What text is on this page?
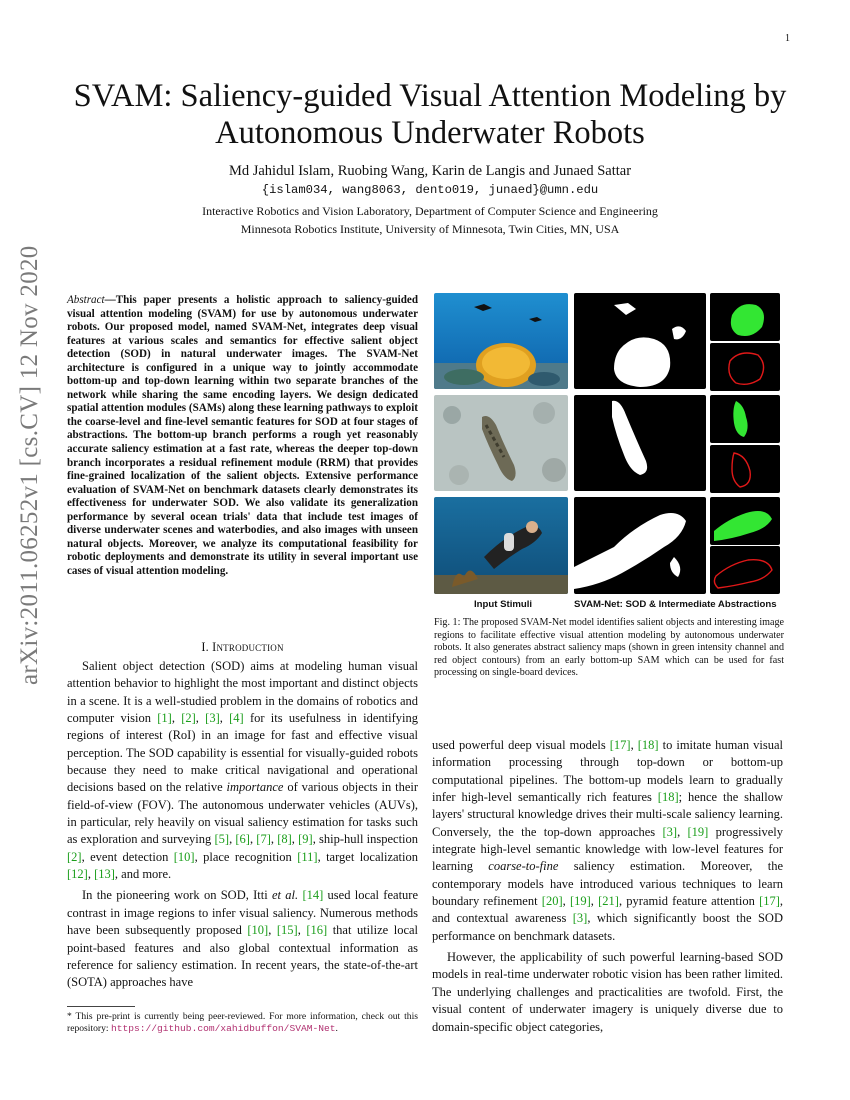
1
SVAM: Saliency-guided Visual Attention Modeling by Autonomous Underwater Robots
Md Jahidul Islam, Ruobing Wang, Karin de Langis and Junaed Sattar
{islam034, wang8063, dento019, junaed}@umn.edu
Interactive Robotics and Vision Laboratory, Department of Computer Science and Engineering
Minnesota Robotics Institute, University of Minnesota, Twin Cities, MN, USA
arXiv:2011.06252v1 [cs.CV] 12 Nov 2020 Abstract—This paper presents a holistic approach to saliency-guided visual attention modeling (SVAM) for use by autonomous underwater robots. Our proposed model, named SVAM-Net, integrates deep visual features at various scales and semantics for effective salient object detection (SOD) in natural underwater images. The SVAM-Net architecture is configured in a unique way to jointly accommodate bottom-up and top-down learning within two separate branches of the network while sharing the same encoding layers. We design dedicated spatial attention modules (SAMs) along these learning pathways to exploit the coarse-level and fine-level semantic features for SOD at four stages of abstractions. The bottom-up branch performs a rough yet reasonably accurate saliency estimation at a fast rate, whereas the deeper top-down branch incorporates a residual refinement module (RRM) that provides fine-grained localization of the salient objects. Extensive performance evaluation of SVAM-Net on benchmark datasets clearly demonstrates its effectiveness for underwater SOD. We also validate its generalization performance by several ocean trials' data that include test images of diverse underwater scenes and waterbodies, and also images with unseen natural objects. Moreover, we analyze its computational feasibility for robotic deployments and demonstrate its utility in several important use cases of visual attention modeling.
I. Introduction

Salient object detection (SOD) aims at modeling human visual attention behavior to highlight the most important and distinct objects in a scene. It is a well-studied problem in the domains of robotics and computer vision [1], [2], [3], [4] for its usefulness in identifying regions of interest (RoI) in an image for fast and effective visual perception. The SOD capability is essential for visually-guided robots because they need to make critical navigational and operational decisions based on the relative importance of various objects in their field-of-view (FOV). The autonomous underwater vehicles (AUVs), in particular, rely heavily on visual saliency estimation for tasks such as exploration and surveying [5], [6], [7], [8], [9], ship-hull inspection [2], event detection [10], place recognition [11], target localization [12], [13], and more.

In the pioneering work on SOD, Itti et al. [14] used local feature contrast in image regions to infer visual saliency. Numerous methods have been subsequently proposed [10], [15], [16] that utilize local point-based features and also global contextual information as reference for saliency estimation. In recent years, the state-of-the-art (SOTA) approaches have

* This pre-print is currently being peer-reviewed. For more information, check out this repository: https://github.com/xahidbuffon/SVAM-Net.
Input Stimuli	SVAM-Net: SOD & Intermediate Abstractions
Fig. 1: The proposed SVAM-Net model identifies salient objects and interesting image regions to facilitate effective visual attention modeling by autonomous underwater robots. It also generates abstract saliency maps (shown in green intensity channel and red object contours) from an early bottom-up SAM which can be used for fast processing on single-board devices.

used powerful deep visual models [17], [18] to imitate human visual information processing through top-down or bottom-up computational pipelines. The bottom-up models learn to gradually infer high-level semantically rich features [18]; hence the shallow layers' structural knowledge drives their multi-scale saliency learning. Conversely, the the top-down approaches [3], [19] progressively integrate high-level semantic knowledge with low-level features for learning coarse-to-fine saliency estimation. Moreover, the contemporary models have introduced various techniques to learn boundary refinement [20], [19], [21], pyramid feature attention [17], and contextual awareness [3], which significantly boost the SOD performance on benchmark datasets.

However, the applicability of such powerful learning-based SOD models in real-time underwater robotic vision has been rather limited. The underlying challenges and practicalities are twofold. First, the visual content of underwater imagery is uniquely diverse due to domain-specific object categories,
